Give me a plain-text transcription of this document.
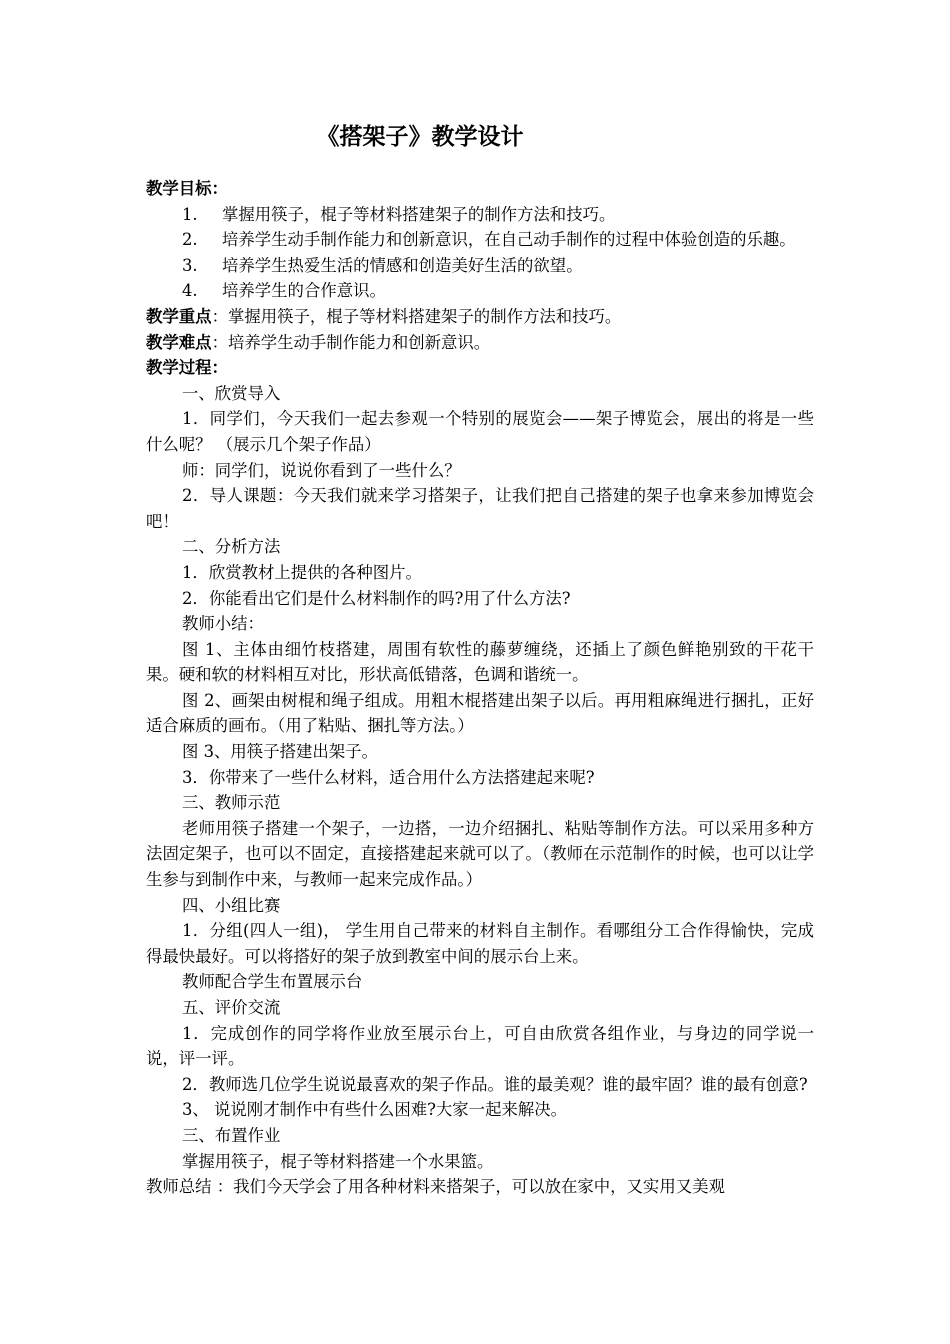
《搭架子》教学设计

教学目标：

1. 掌握用筷子，棍子等材料搭建架子的制作方法和技巧。

2. 培养学生动手制作能力和创新意识，在自己动手制作的过程中体验创造的乐趣。

3. 培养学生热爱生活的情感和创造美好生活的欲望。

4. 培养学生的合作意识。

教学重点：掌握用筷子，棍子等材料搭建架子的制作方法和技巧。

教学难点：培养学生动手制作能力和创新意识。

教学过程：

一、欣赏导入

1．同学们，今天我们一起去参观一个特别的展览会——架子博览会，展出的将是一些什么呢？ （展示几个架子作品）

师：同学们，说说你看到了一些什么？

2．导人课题：今天我们就来学习搭架子，让我们把自己搭建的架子也拿来参加博览会吧！

二、分析方法

1．欣赏教材上提供的各种图片。

2．你能看出它们是什么材料制作的吗?用了什么方法?

教师小结：

图 1、主体由细竹枝搭建，周围有软性的藤萝缠绕，还插上了颜色鲜艳别致的干花干果。硬和软的材料相互对比，形状高低错落，色调和谐统一。

图 2、画架由树棍和绳子组成。用粗木棍搭建出架子以后。再用粗麻绳进行捆扎，正好适合麻质的画布。（用了粘贴、捆扎等方法。）

图 3、用筷子搭建出架子。

3．你带来了一些什么材料，适合用什么方法搭建起来呢?

三、教师示范

老师用筷子搭建一个架子，一边搭，一边介绍捆扎、粘贴等制作方法。可以采用多种方法固定架子，也可以不固定，直接搭建起来就可以了。（教师在示范制作的时候，也可以让学生参与到制作中来，与教师一起来完成作品。）

四、小组比赛

1．分组(四人一组)， 学生用自己带来的材料自主制作。看哪组分工合作得愉快，完成得最快最好。可以将搭好的架子放到教室中间的展示台上来。

教师配合学生布置展示台

五、评价交流

1．完成创作的同学将作业放至展示台上，可自由欣赏各组作业，与身边的同学说一说，评一评。

2．教师选几位学生说说最喜欢的架子作品。谁的最美观？谁的最牢固？谁的最有创意?

3、 说说刚才制作中有些什么困难?大家一起来解决。

三、布置作业

掌握用筷子，棍子等材料搭建一个水果篮。

教师总结 ：我们今天学会了用各种材料来搭架子，可以放在家中，又实用又美观
